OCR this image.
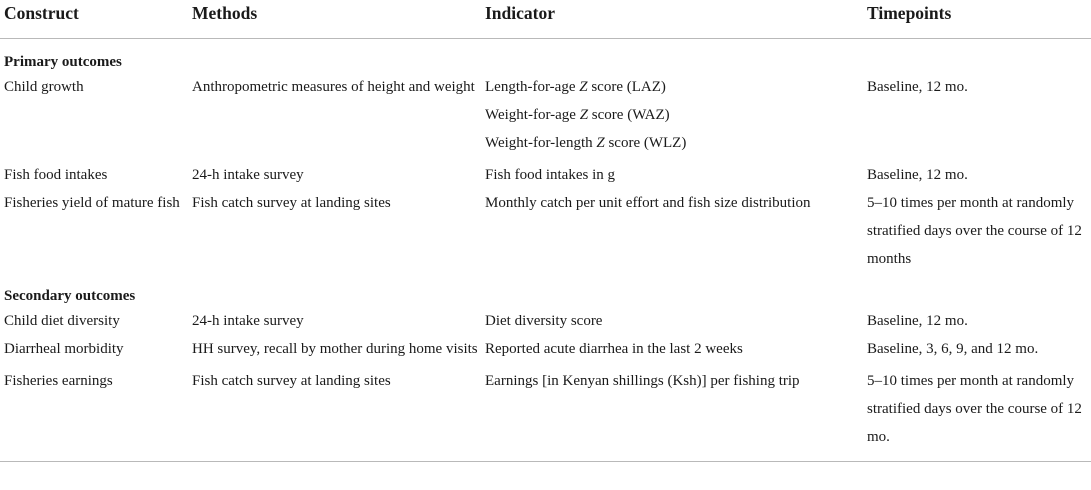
Construct	Methods	Indicator	Timepoints
Primary outcomes			
Child growth	Anthropometric measures of height and weight	Length-for-age Z score (LAZ)
Weight-for-age Z score (WAZ)
Weight-for-length Z score (WLZ)	Baseline, 12 mo.
Fish food intakes	24-h intake survey	Fish food intakes in g	Baseline, 12 mo.
Fisheries yield of mature fish	Fish catch survey at landing sites	Monthly catch per unit effort and fish size distribution	5–10 times per month at randomly stratified days over the course of 12 months
Secondary outcomes			
Child diet diversity	24-h intake survey	Diet diversity score	Baseline, 12 mo.
Diarrheal morbidity	HH survey, recall by mother during home visits	Reported acute diarrhea in the last 2 weeks	Baseline, 3, 6, 9, and 12 mo.
Fisheries earnings	Fish catch survey at landing sites	Earnings [in Kenyan shillings (Ksh)] per fishing trip	5–10 times per month at randomly stratified days over the course of 12 mo.
